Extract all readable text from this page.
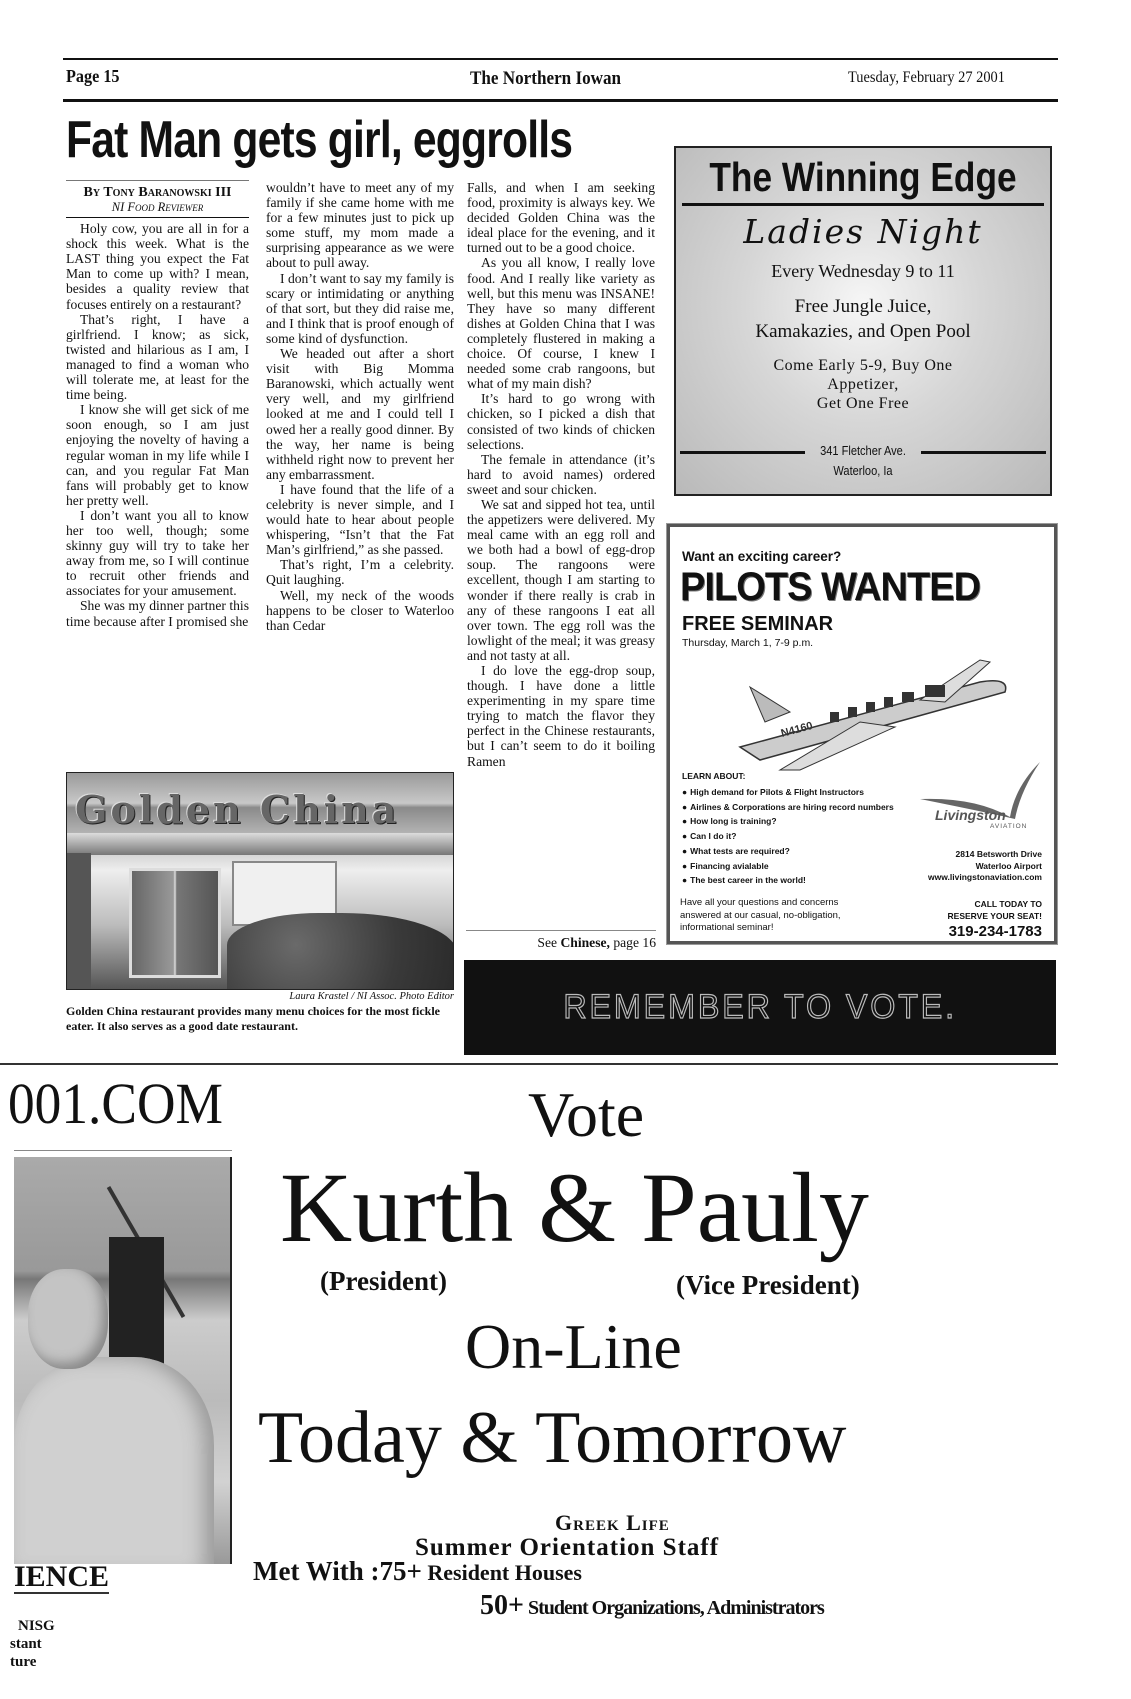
Page 15	The Northern Iowan	Tuesday, February 27 2001
Fat Man gets girl, eggrolls
By Tony Baranowski III
NI Food Reviewer

Holy cow, you are all in for a shock this week. What is the LAST thing you expect the Fat Man to come up with? I mean, besides a quality review that focuses entirely on a restaurant?

That’s right, I have a girlfriend. I know; as sick, twisted and hilarious as I am, I managed to find a woman who will tolerate me, at least for the time being.

I know she will get sick of me soon enough, so I am just enjoying the novelty of having a regular woman in my life while I can, and you regular Fat Man fans will probably get to know her pretty well.

I don’t want you all to know her too well, though; some skinny guy will try to take her away from me, so I will continue to recruit other friends and associates for your amusement.

She was my dinner partner this time because after I promised she

wouldn’t have to meet any of my family if she came home with me for a few minutes just to pick up some stuff, my mom made a surprising appearance as we were about to pull away.

I don’t want to say my family is scary or intimidating or anything of that sort, but they did raise me, and I think that is proof enough of some kind of dysfunction.

We headed out after a short visit with Big Momma Baranowski, which actually went very well, and my girlfriend looked at me and I could tell I owed her a really good dinner. By the way, her name is being withheld right now to prevent her any embarrassment.

I have found that the life of a celebrity is never simple, and I would hate to hear about people whispering, “Isn’t that the Fat Man’s girlfriend,” as she passed.

That’s right, I’m a celebrity. Quit laughing.

Well, my neck of the woods happens to be closer to Waterloo than Cedar

Falls, and when I am seeking food, proximity is always key. We decided Golden China was the ideal place for the evening, and it turned out to be a good choice.

As you all know, I really love food. And I really like variety as well, but this menu was INSANE! They have so many different dishes at Golden China that I was completely flustered in making a choice. Of course, I knew I needed some crab rangoons, but what of my main dish?

It’s hard to go wrong with chicken, so I picked a dish that consisted of two kinds of chicken selections.

The female in attendance (it’s hard to avoid names) ordered sweet and sour chicken.

We sat and sipped hot tea, until the appetizers were delivered. My meal came with an egg roll and we both had a bowl of egg-drop soup. The rangoons were excellent, though I am starting to wonder if there really is crab in any of these rangoons I eat all over town. The egg roll was the lowlight of the meal; it was greasy and not tasty at all.

I do love the egg-drop soup, though. I have done a little experimenting in my spare time trying to match the flavor they perfect in the Chinese restaurants, but I can’t seem to do it boiling Ramen

See Chinese, page 16
Golden China
Laura Krastel / NI Assoc. Photo Editor
Golden China restaurant provides many menu choices for the most fickle eater. It also serves as a good date restaurant.
The Winning Edge
Ladies Night
Every Wednesday 9 to 11
Free Jungle Juice,
Kamakazies, and Open Pool
Come Early 5-9, Buy One
Appetizer,
Get One Free
341 Fletcher Ave.
Waterloo, Ia
Want an exciting career?
PILOTS WANTED
FREE SEMINAR
Thursday, March 1, 7-9 p.m.
N4160
LEARN ABOUT:
● High demand for Pilots & Flight Instructors
● Airlines & Corporations are hiring record numbers
● How long is training?
● Can I do it?
● What tests are required?
● Financing avialable
● The best career in the world!
Livingston
AVIATION
2814 Betsworth Drive
Waterloo Airport
www.livingstonaviation.com
Have all your questions and concerns
answered at our casual, no-obligation,
informational seminar!
CALL TODAY TO
RESERVE YOUR SEAT!
319-234-1783
REMEMBER TO VOTE.
001.COM
IENCE
NISG
stant
ture
Vote
Kurth & Pauly
(President)	(Vice President)
On-Line
Today & Tomorrow
Greek Life
Summer Orientation Staff
Met With :75+ Resident Houses
50+ Student Organizations, Administrators
